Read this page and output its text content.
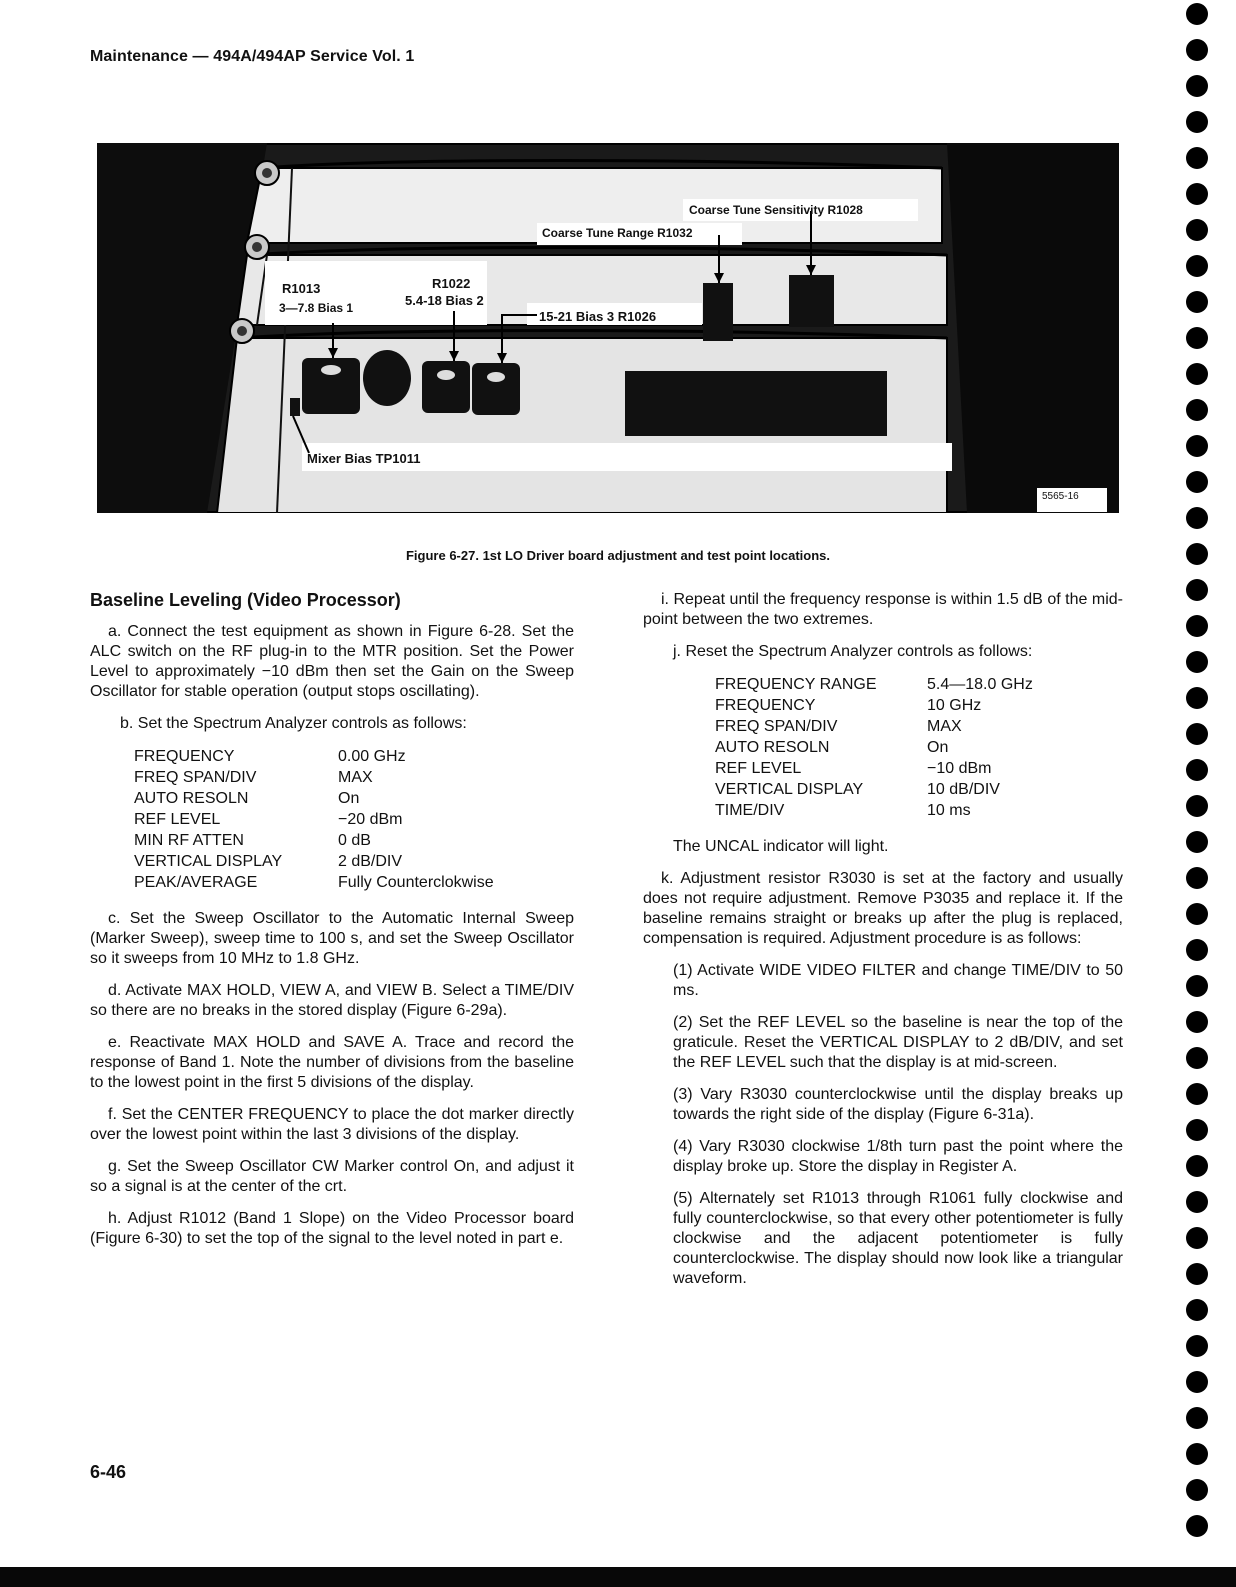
Maintenance — 494A/494AP Service Vol. 1
Coarse Tune Sensitivity R1028
Coarse Tune Range R1032
R1013
3—7.8 Bias 1
R1022
5.4-18 Bias 2
15-21 Bias 3 R1026
Mixer Bias TP1011
5565-16
Figure 6-27. 1st LO Driver board adjustment and test point locations.
Baseline Leveling (Video Processor)

a. Connect the test equipment as shown in Figure 6-28. Set the ALC switch on the RF plug-in to the MTR position. Set the Power Level to approximately −10 dBm then set the Gain on the Sweep Oscillator for stable operation (output stops oscillating).

b. Set the Spectrum Analyzer controls as follows:

FREQUENCY	0.00 GHz
FREQ SPAN/DIV	MAX
AUTO RESOLN	On
REF LEVEL	−20 dBm
MIN RF ATTEN	0 dB
VERTICAL DISPLAY	2 dB/DIV
PEAK/AVERAGE	Fully Counterclokwise

c. Set the Sweep Oscillator to the Automatic Internal Sweep (Marker Sweep), sweep time to 100 s, and set the Sweep Oscillator so it sweeps from 10 MHz to 1.8 GHz.

d. Activate MAX HOLD, VIEW A, and VIEW B. Select a TIME/DIV so there are no breaks in the stored display (Figure 6-29a).

e. Reactivate MAX HOLD and SAVE A. Trace and record the response of Band 1. Note the number of divisions from the baseline to the lowest point in the first 5 divisions of the display.

f. Set the CENTER FREQUENCY to place the dot marker directly over the lowest point within the last 3 divisions of the display.

g. Set the Sweep Oscillator CW Marker control On, and adjust it so a signal is at the center of the crt.

h. Adjust R1012 (Band 1 Slope) on the Video Processor board (Figure 6-30) to set the top of the signal to the level noted in part e.

i. Repeat until the frequency response is within 1.5 dB of the mid-point between the two extremes.

j. Reset the Spectrum Analyzer controls as follows:

FREQUENCY RANGE	5.4—18.0 GHz
FREQUENCY	10 GHz
FREQ SPAN/DIV	MAX
AUTO RESOLN	On
REF LEVEL	−10 dBm
VERTICAL DISPLAY	10 dB/DIV
TIME/DIV	10 ms

The UNCAL indicator will light.

k. Adjustment resistor R3030 is set at the factory and usually does not require adjustment. Remove P3035 and replace it. If the baseline remains straight or breaks up after the plug is replaced, compensation is required. Adjustment procedure is as follows:

(1) Activate WIDE VIDEO FILTER and change TIME/DIV to 50 ms.

(2) Set the REF LEVEL so the baseline is near the top of the graticule. Reset the VERTICAL DISPLAY to 2 dB/DIV, and set the REF LEVEL such that the display is at mid-screen.

(3) Vary R3030 counterclockwise until the display breaks up towards the right side of the display (Figure 6-31a).

(4) Vary R3030 clockwise 1/8th turn past the point where the display broke up. Store the display in Register A.

(5) Alternately set R1013 through R1061 fully clockwise and fully counterclockwise, so that every other potentiometer is fully clockwise and the adjacent potentiometer is fully counterclockwise. The display should now look like a triangular waveform.

6-46
